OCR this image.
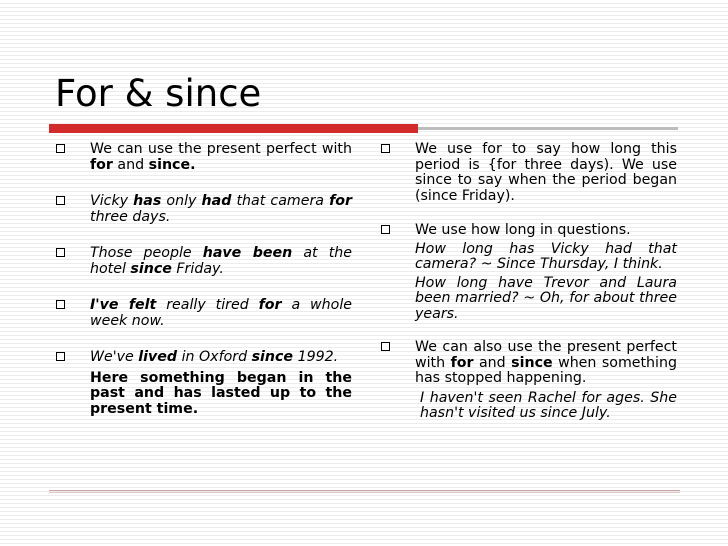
For & since
We can use the present perfect with for and since.
Vicky has only had that camera for three days.
Those people have been at the hotel since Friday.
I've felt really tired for a whole week now.
We've lived in Oxford since 1992.
Here something began in the past and has lasted up to the present time.
We use for to say how long this period is {for three days). We use since to say when the period began (since Friday).
We use how long in questions.
How long has Vicky had that camera? ~ Since Thursday, I think.
How long have Trevor and Laura been married? ~ Oh, for about three years.
We can also use the present perfect with for and since when something has stopped happening.
I haven't seen Rachel for ages. She hasn't visited us since July.
